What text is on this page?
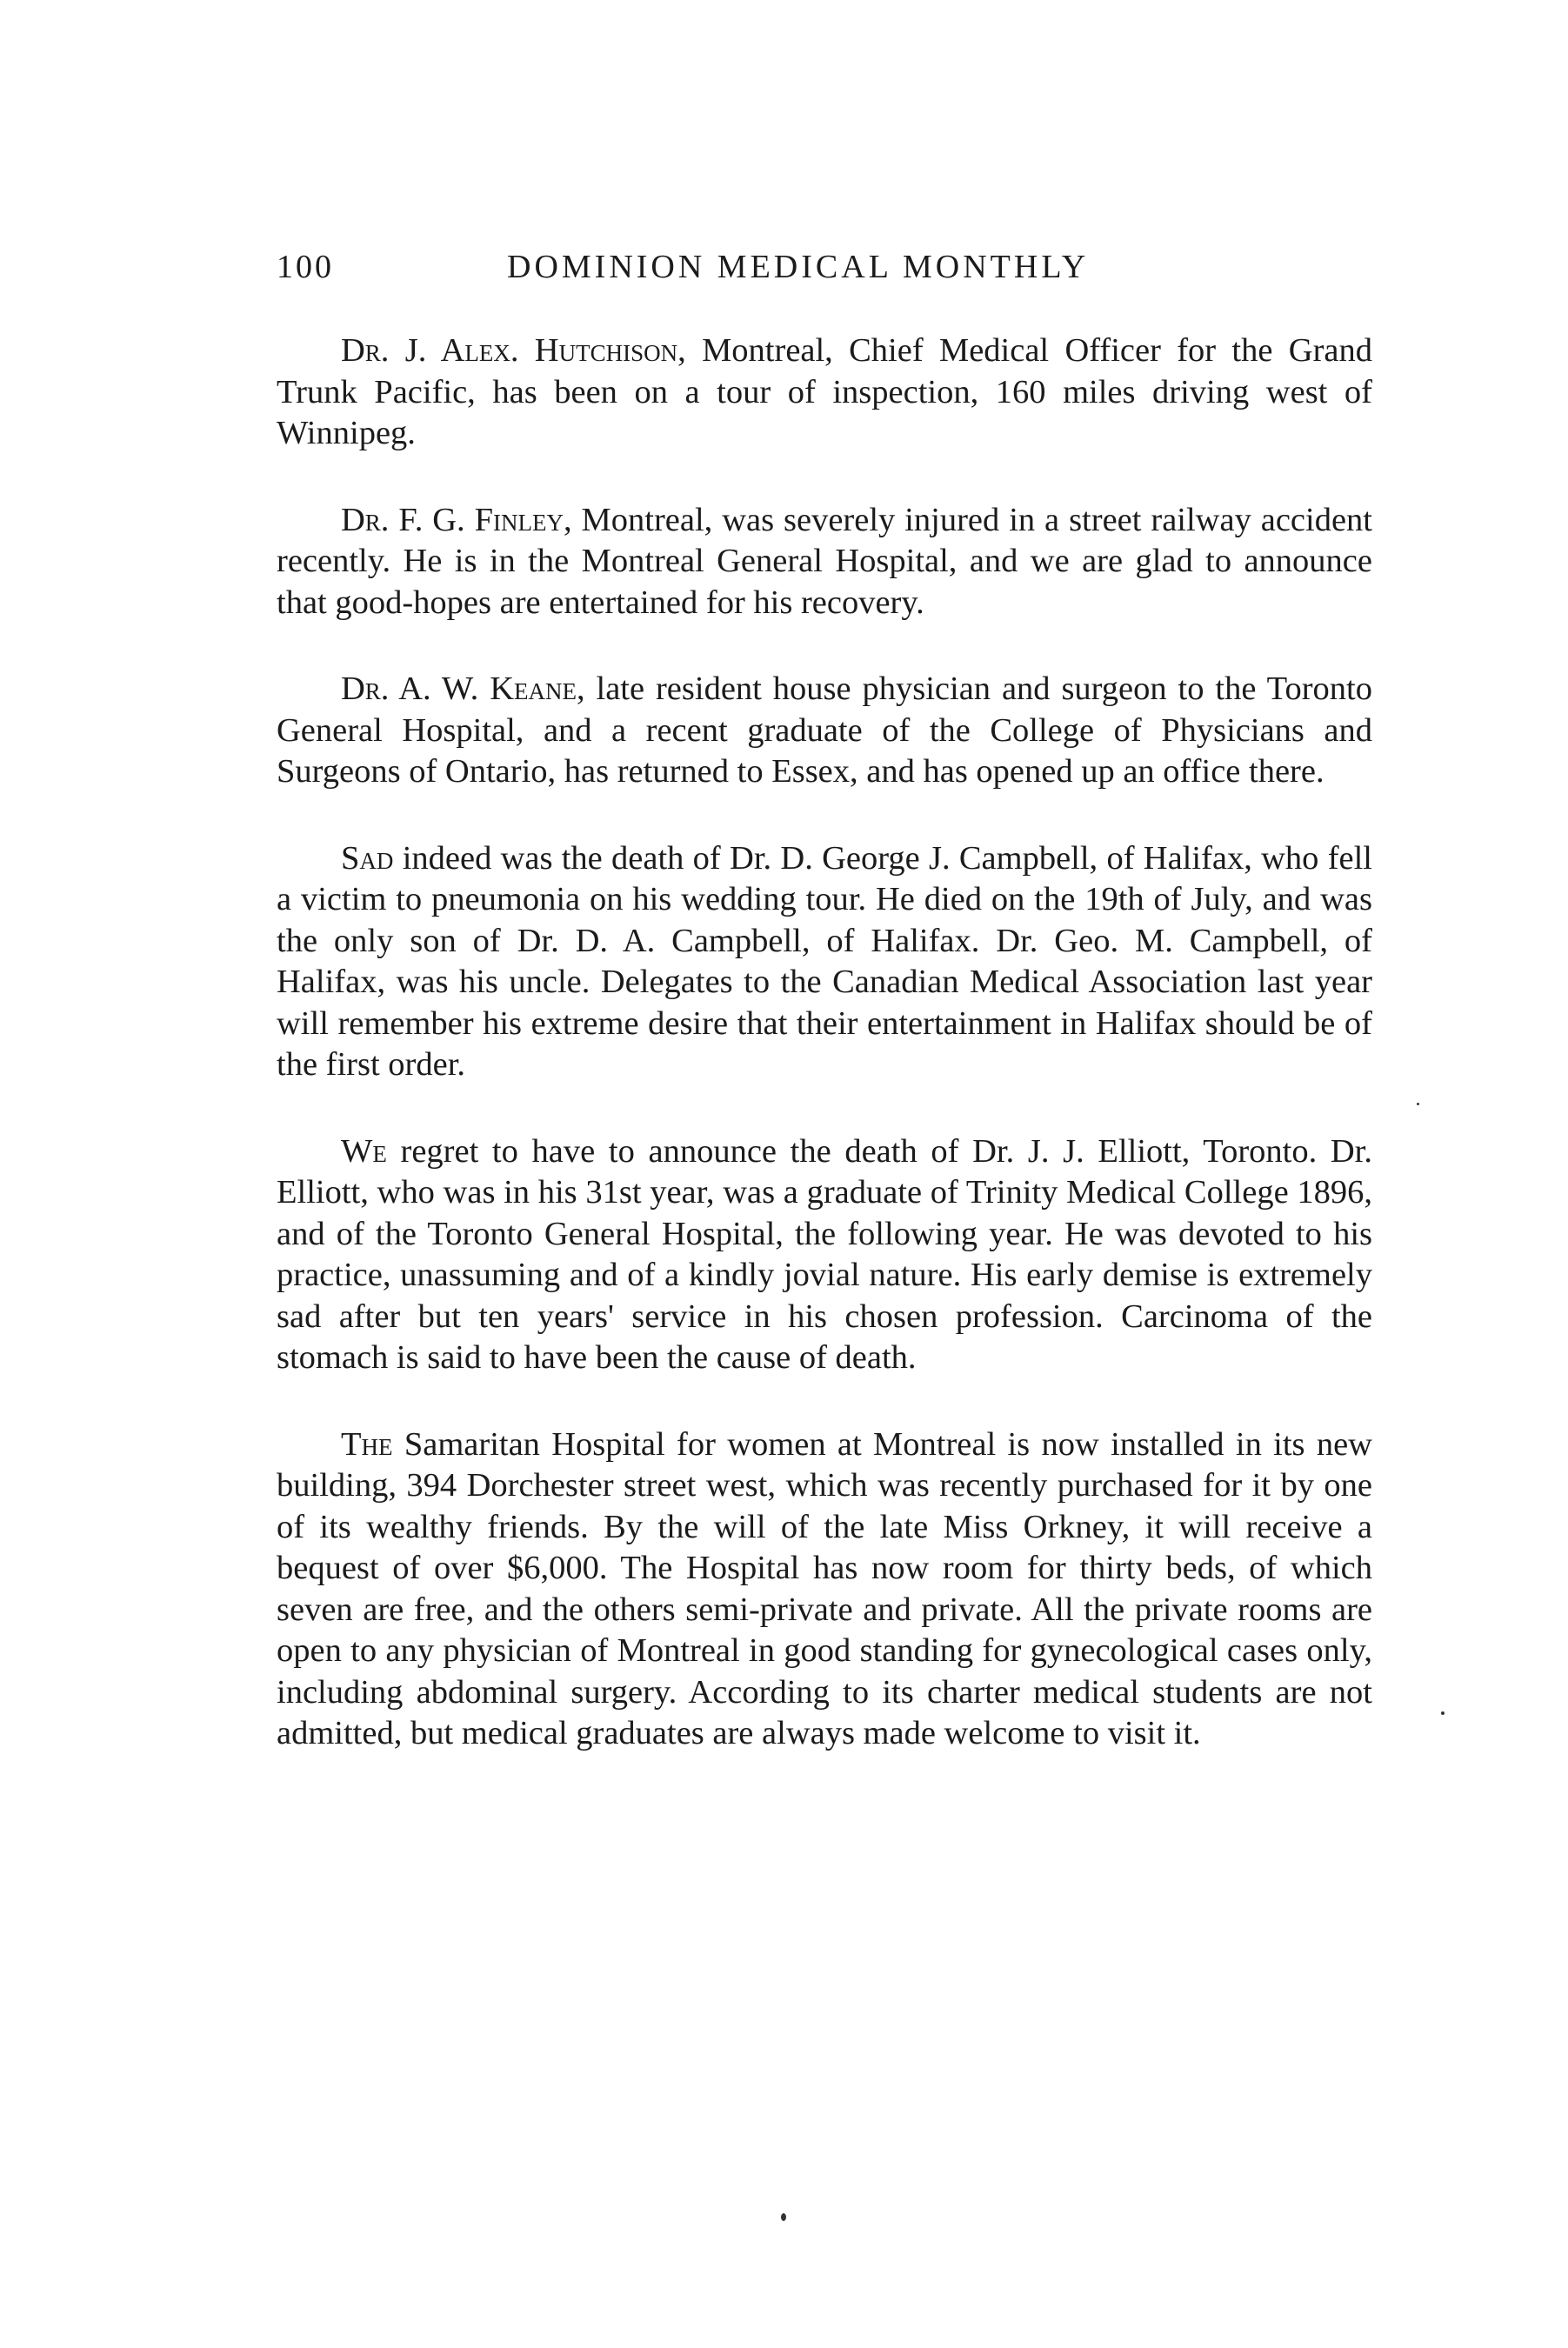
100	DOMINION MEDICAL MONTHLY

Dr. J. Alex. Hutchison, Montreal, Chief Medical Officer for the Grand Trunk Pacific, has been on a tour of inspection, 160 miles driving west of Winnipeg.

Dr. F. G. Finley, Montreal, was severely injured in a street railway accident recently. He is in the Montreal General Hospital, and we are glad to announce that good-hopes are entertained for his recovery.

Dr. A. W. Keane, late resident house physician and surgeon to the Toronto General Hospital, and a recent graduate of the College of Physicians and Surgeons of Ontario, has returned to Essex, and has opened up an office there.

Sad indeed was the death of Dr. D. George J. Campbell, of Halifax, who fell a victim to pneumonia on his wedding tour. He died on the 19th of July, and was the only son of Dr. D. A. Campbell, of Halifax. Dr. Geo. M. Campbell, of Halifax, was his uncle. Delegates to the Canadian Medical Association last year will remember his extreme desire that their entertainment in Halifax should be of the first order.

We regret to have to announce the death of Dr. J. J. Elliott, Toronto. Dr. Elliott, who was in his 31st year, was a graduate of Trinity Medical College 1896, and of the Toronto General Hospital, the following year. He was devoted to his practice, unassuming and of a kindly jovial nature. His early demise is extremely sad after but ten years' service in his chosen profession. Carcinoma of the stomach is said to have been the cause of death.

The Samaritan Hospital for women at Montreal is now installed in its new building, 394 Dorchester street west, which was recently purchased for it by one of its wealthy friends. By the will of the late Miss Orkney, it will receive a bequest of over $6,000. The Hospital has now room for thirty beds, of which seven are free, and the others semi-private and private. All the private rooms are open to any physician of Montreal in good standing for gynecological cases only, including abdominal surgery. According to its charter medical students are not admitted, but medical graduates are always made welcome to visit it.
